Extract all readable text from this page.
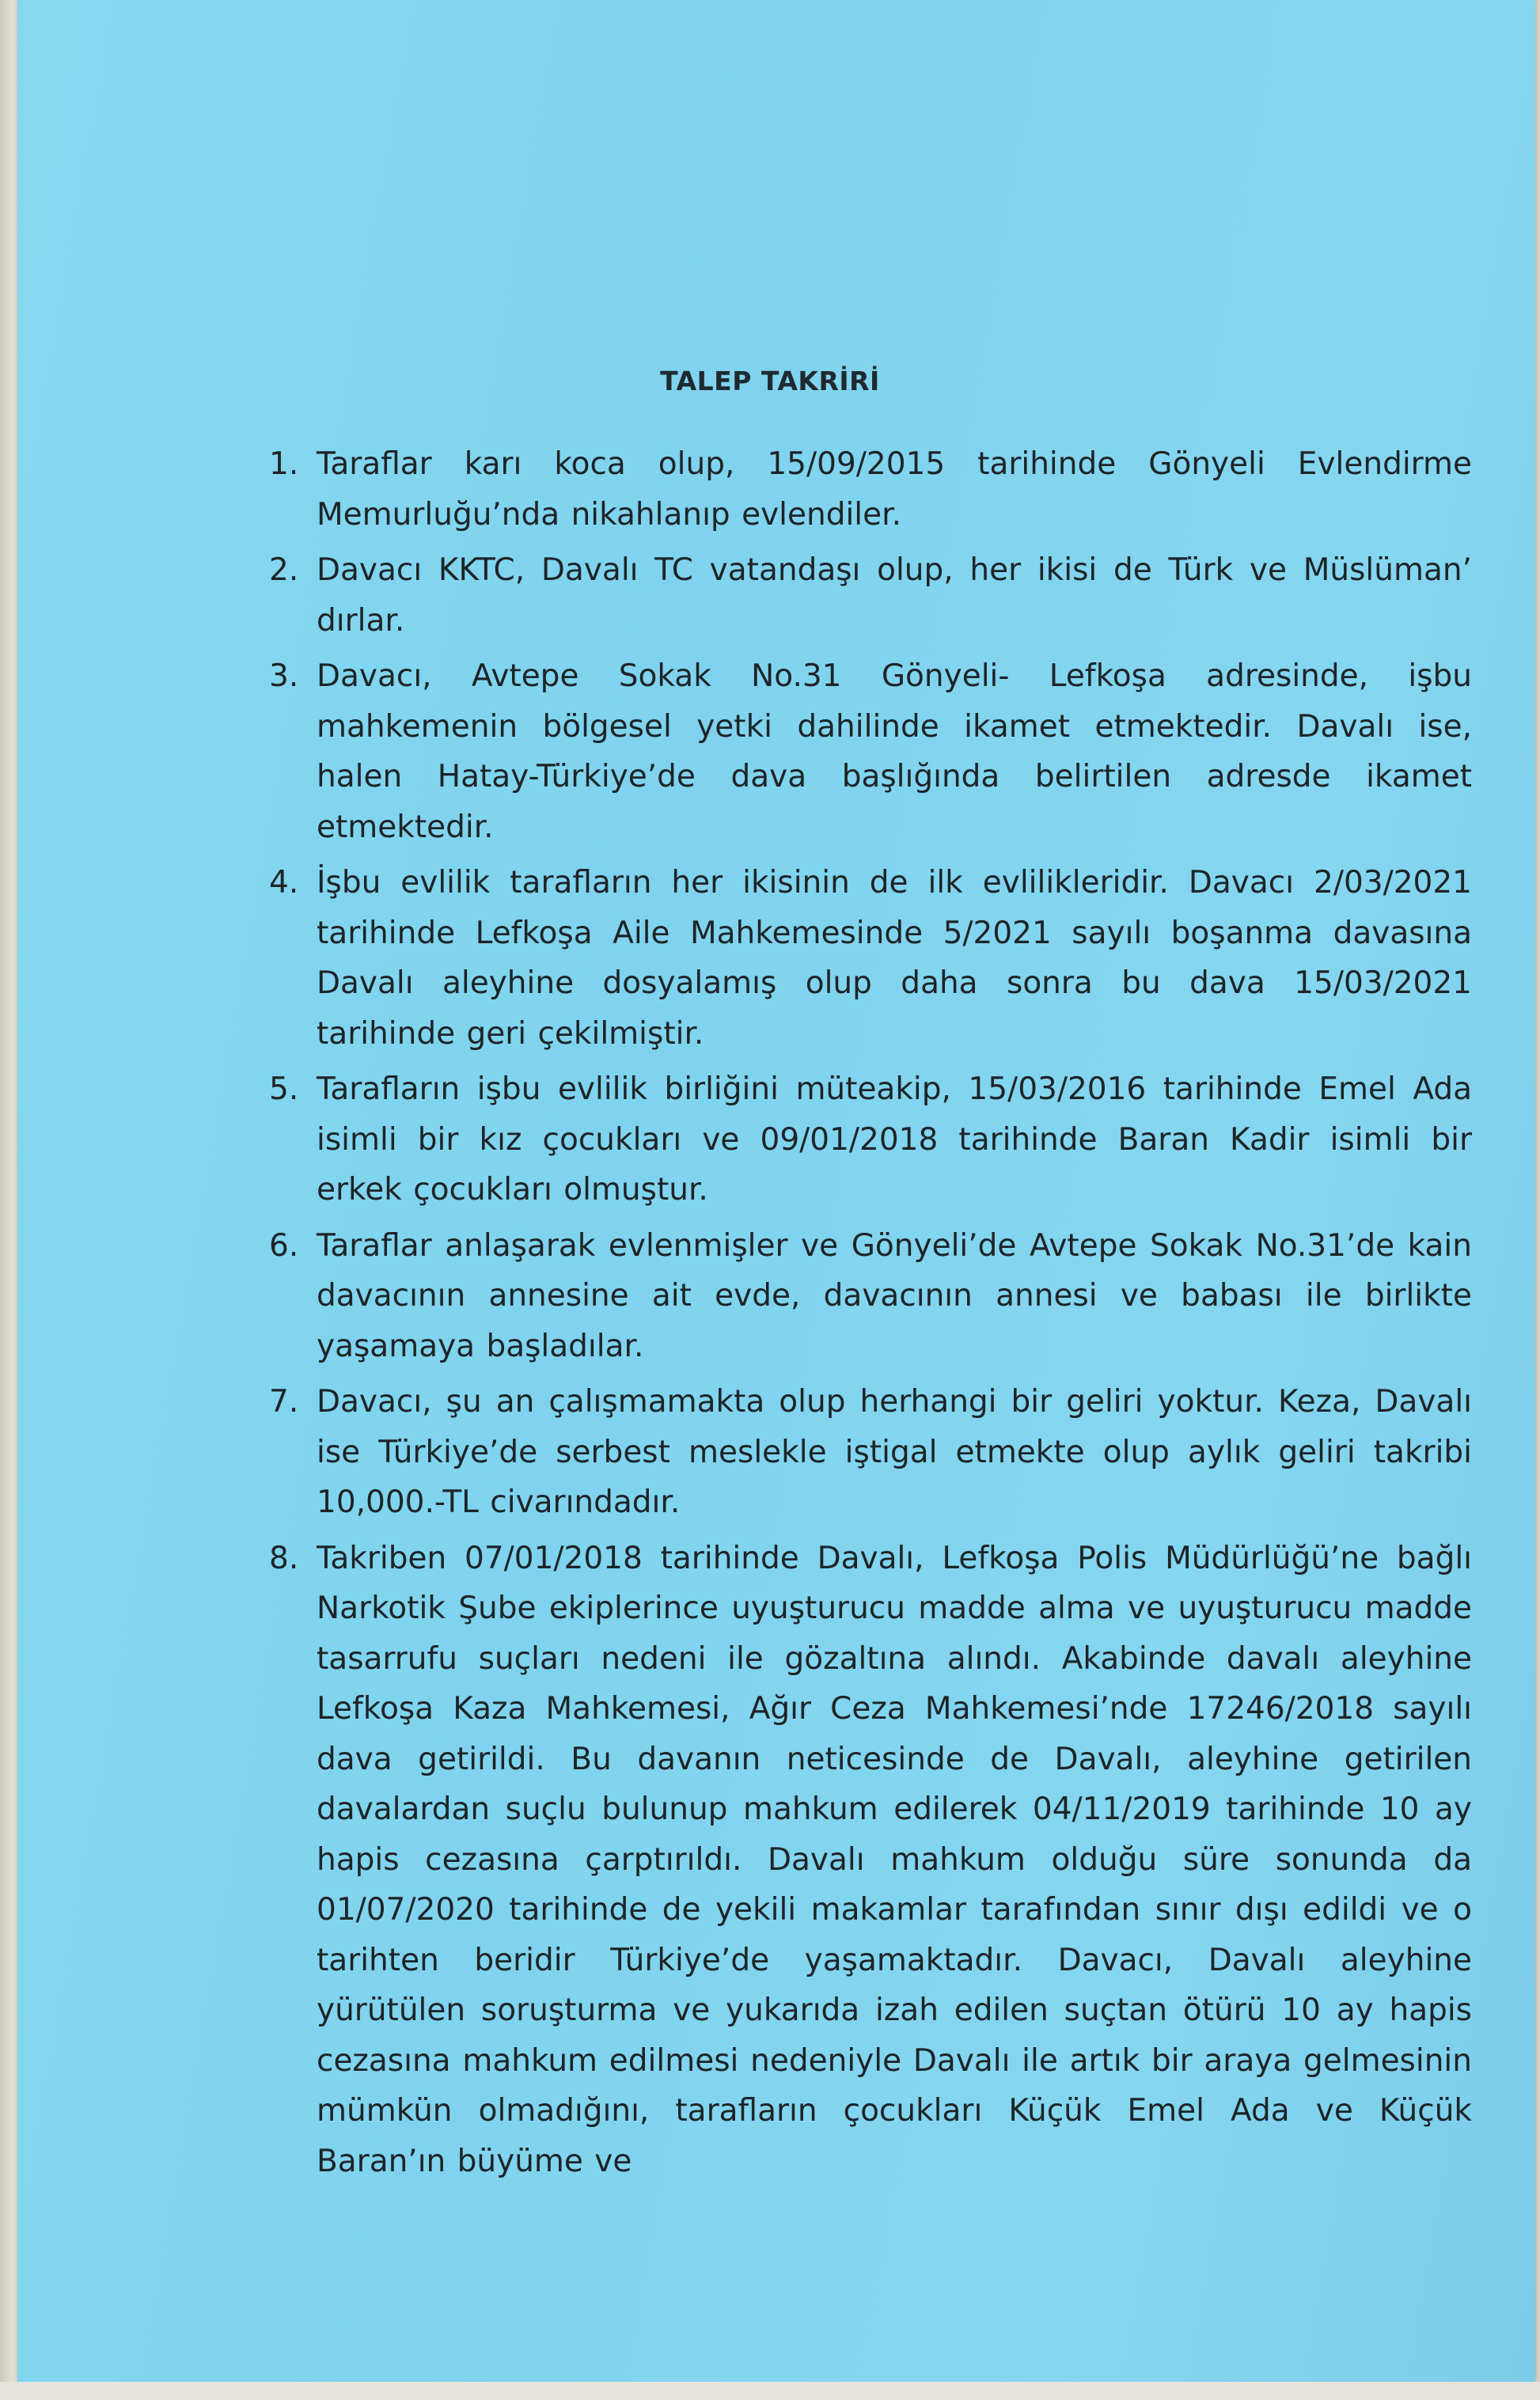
TALEP TAKRİRİ
1. Taraflar karı koca olup, 15/09/2015 tarihinde Gönyeli Evlendirme Memurluğu’nda nikahlanıp evlendiler.
2. Davacı KKTC, Davalı TC vatandaşı olup, her ikisi de Türk ve Müslüman’ dırlar.
3. Davacı, Avtepe Sokak No.31 Gönyeli- Lefkoşa adresinde, işbu mahkemenin bölgesel yetki dahilinde ikamet etmektedir. Davalı ise, halen Hatay-Türkiye’de dava başlığında belirtilen adresde ikamet etmektedir.
4. İşbu evlilik tarafların her ikisinin de ilk evlilikleridir. Davacı 2/03/2021 tarihinde Lefkoşa Aile Mahkemesinde 5/2021 sayılı boşanma davasına Davalı aleyhine dosyalamış olup daha sonra bu dava 15/03/2021 tarihinde geri çekilmiştir.
5. Tarafların işbu evlilik birliğini müteakip, 15/03/2016 tarihinde Emel Ada isimli bir kız çocukları ve 09/01/2018 tarihinde Baran Kadir isimli bir erkek çocukları olmuştur.
6. Taraflar anlaşarak evlenmişler ve Gönyeli’de Avtepe Sokak No.31’de kain davacının annesine ait evde, davacının annesi ve babası ile birlikte yaşamaya başladılar.
7. Davacı, şu an çalışmamakta olup herhangi bir geliri yoktur. Keza, Davalı ise Türkiye’de serbest meslekle iştigal etmekte olup aylık geliri takribi 10,000.-TL civarındadır.
8. Takriben 07/01/2018 tarihinde Davalı, Lefkoşa Polis Müdürlüğü’ne bağlı Narkotik Şube ekiplerince uyuşturucu madde alma ve uyuşturucu madde tasarrufu suçları nedeni ile gözaltına alındı. Akabinde davalı aleyhine Lefkoşa Kaza Mahkemesi, Ağır Ceza Mahkemesi’nde 17246/2018 sayılı dava getirildi. Bu davanın neticesinde de Davalı, aleyhine getirilen davalardan suçlu bulunup mahkum edilerek 04/11/2019 tarihinde 10 ay hapis cezasına çarptırıldı. Davalı mahkum olduğu süre sonunda da 01/07/2020 tarihinde de yekili makamlar tarafından sınır dışı edildi ve o tarihten beridir Türkiye’de yaşamaktadır. Davacı, Davalı aleyhine yürütülen soruşturma ve yukarıda izah edilen suçtan ötürü 10 ay hapis cezasına mahkum edilmesi nedeniyle Davalı ile artık bir araya gelmesinin mümkün olmadığını, tarafların çocukları Küçük Emel Ada ve Küçük Baran’ın büyüme ve
